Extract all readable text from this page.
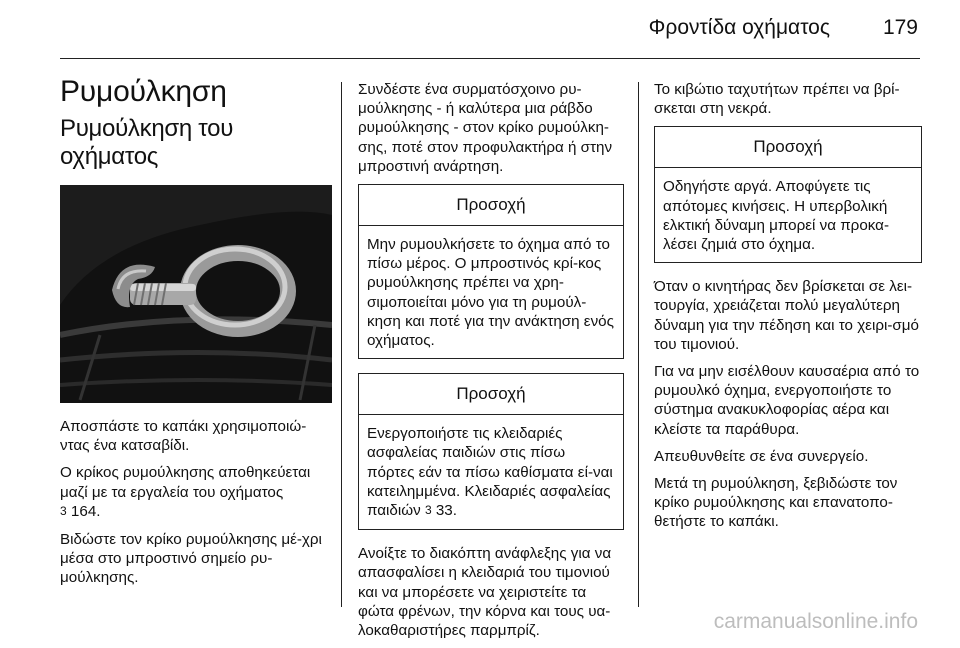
Φροντίδα οχήματος	179
Ρυμούλκηση
Ρυμούλκηση του οχήματος

Αποσπάστε το καπάκι χρησιμοποιώ-ντας ένα κατσαβίδι.

Ο κρίκος ρυμούλκησης αποθηκεύεται μαζί με τα εργαλεία του οχήματος
3 164.

Βιδώστε τον κρίκο ρυμούλκησης μέ-χρι μέσα στο μπροστινό σημείο ρυ-μούλκησης.

Συνδέστε ένα συρματόσχοινο ρυ-μούλκησης - ή καλύτερα μια ράβδο ρυμούλκησης - στον κρίκο ρυμούλκη-σης, ποτέ στον προφυλακτήρα ή στην μπροστινή ανάρτηση.

Προσοχή
Μην ρυμουλκήσετε το όχημα από το πίσω μέρος. Ο μπροστινός κρί-κος ρυμούλκησης πρέπει να χρη-σιμοποιείται μόνο για τη ρυμούλ-κηση και ποτέ για την ανάκτηση ενός οχήματος.
Προσοχή
Ενεργοποιήστε τις κλειδαριές ασφαλείας παιδιών στις πίσω πόρτες εάν τα πίσω καθίσματα εί-ναι κατειλημμένα. Κλειδαριές ασφαλείας παιδιών 3 33.

Ανοίξτε το διακόπτη ανάφλεξης για να απασφαλίσει η κλειδαριά του τιμονιού και να μπορέσετε να χειριστείτε τα φώτα φρένων, την κόρνα και τους υα-λοκαθαριστήρες παρμπρίζ.

Το κιβώτιο ταχυτήτων πρέπει να βρί-σκεται στη νεκρά.

Προσοχή
Οδηγήστε αργά. Αποφύγετε τις απότομες κινήσεις. Η υπερβολική ελκτική δύναμη μπορεί να προκα-λέσει ζημιά στο όχημα.

Όταν ο κινητήρας δεν βρίσκεται σε λει-τουργία, χρειάζεται πολύ μεγαλύτερη δύναμη για την πέδηση και το χειρι-σμό του τιμονιού.

Για να μην εισέλθουν καυσαέρια από το ρυμουλκό όχημα, ενεργοποιήστε το σύστημα ανακυκλοφορίας αέρα και κλείστε τα παράθυρα.

Απευθυνθείτε σε ένα συνεργείο.

Μετά τη ρυμούλκηση, ξεβιδώστε τον κρίκο ρυμούλκησης και επανατοπο-θετήστε το καπάκι.

carmanualsonline.info
